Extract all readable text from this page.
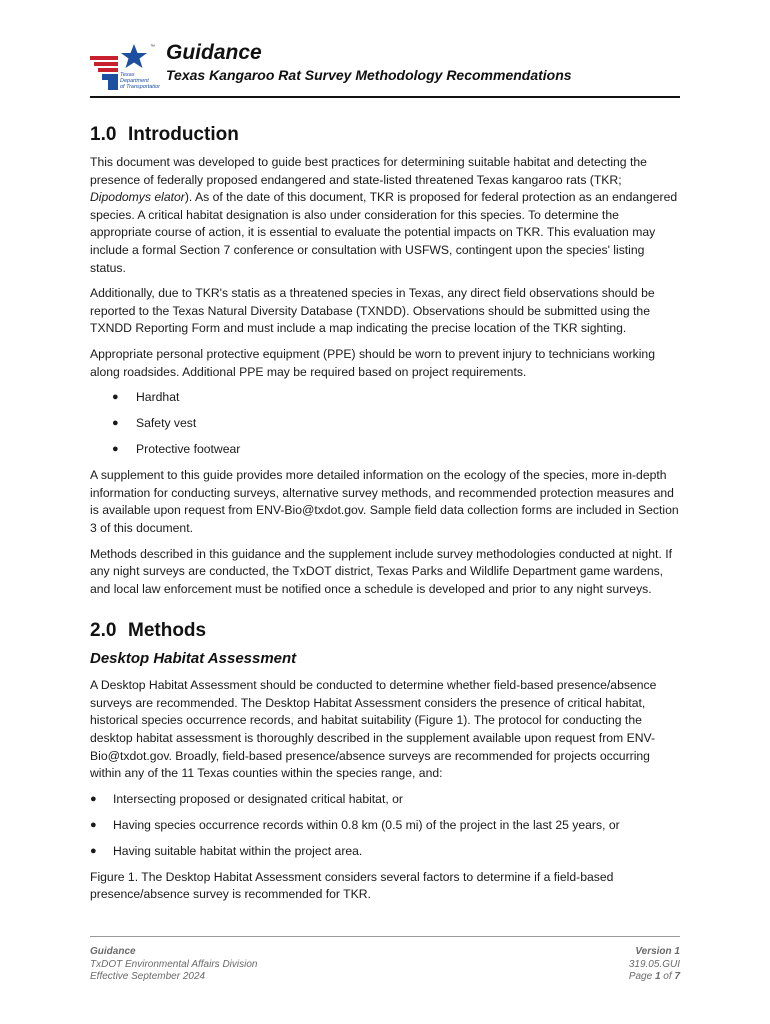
Texas
Department
of Transportation
™ Guidance
Texas Kangaroo Rat Survey Methodology Recommendations
1.0 Introduction

This document was developed to guide best practices for determining suitable habitat and detecting the presence of federally proposed endangered and state-listed threatened Texas kangaroo rats (TKR; Dipodomys elator). As of the date of this document, TKR is proposed for federal protection as an endangered species. A critical habitat designation is also under consideration for this species. To determine the appropriate course of action, it is essential to evaluate the potential impacts on TKR. This evaluation may include a formal Section 7 conference or consultation with USFWS, contingent upon the species' listing status.

Additionally, due to TKR's statis as a threatened species in Texas, any direct field observations should be reported to the Texas Natural Diversity Database (TXNDD). Observations should be submitted using the TXNDD Reporting Form and must include a map indicating the precise location of the TKR sighting.

Appropriate personal protective equipment (PPE) should be worn to prevent injury to technicians working along roadsides. Additional PPE may be required based on project requirements.

● Hardhat
● Safety vest
● Protective footwear

A supplement to this guide provides more detailed information on the ecology of the species, more in-depth information for conducting surveys, alternative survey methods, and recommended protection measures and is available upon request from ENV-Bio@txdot.gov. Sample field data collection forms are included in Section 3 of this document.

Methods described in this guidance and the supplement include survey methodologies conducted at night. If any night surveys are conducted, the TxDOT district, Texas Parks and Wildlife Department game wardens, and local law enforcement must be notified once a schedule is developed and prior to any night surveys.

2.0 Methods
Desktop Habitat Assessment

A Desktop Habitat Assessment should be conducted to determine whether field-based presence/absence surveys are recommended. The Desktop Habitat Assessment considers the presence of critical habitat, historical species occurrence records, and habitat suitability (Figure 1). The protocol for conducting the desktop habitat assessment is thoroughly described in the supplement available upon request from ENV-Bio@txdot.gov. Broadly, field-based presence/absence surveys are recommended for projects occurring within any of the 11 Texas counties within the species range, and:

● Intersecting proposed or designated critical habitat, or
● Having species occurrence records within 0.8 km (0.5 mi) of the project in the last 25 years, or
● Having suitable habitat within the project area.

Figure 1. The Desktop Habitat Assessment considers several factors to determine if a field-based presence/absence survey is recommended for TKR.

Guidance
TxDOT Environmental Affairs Division
Effective September 2024
Version 1
319.05.GUI
Page 1 of 7
